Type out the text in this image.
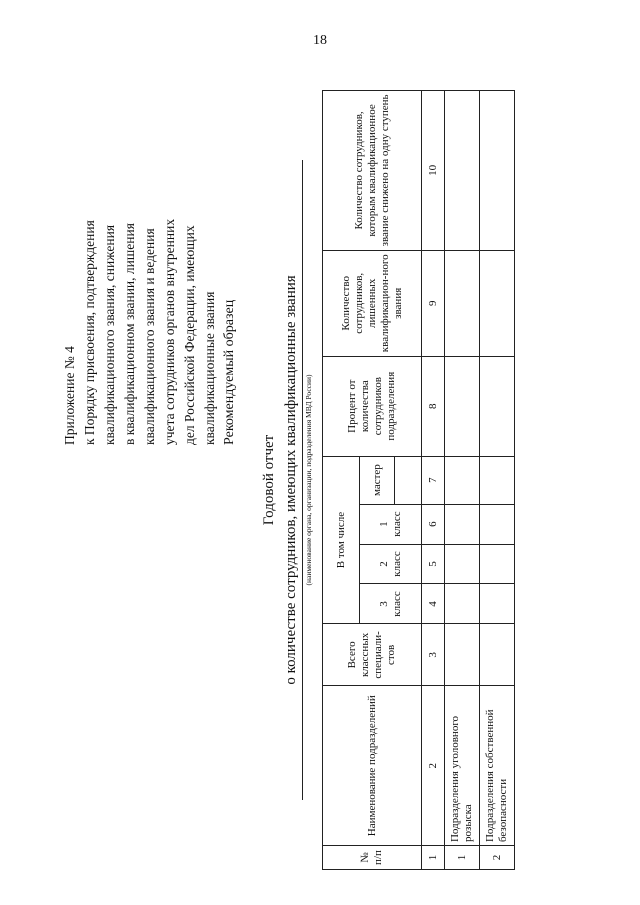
18
Приложение № 4 к Порядку присвоения, подтверждения квалификационного звания, снижения в квалификационном звании, лишения квалификационного звания и ведения учета сотрудников органов внутренних дел Российской Федерации, имеющих квалификационные звания Рекомендуемый образец
Годовой отчет о количестве сотрудников, имеющих квалификационные звания (наименование органа, организации, подразделения МВД России)
№ п/п	Наименование подразделений	Всего классных специали-стов	В том числе				Процент от количества сотрудников подразделения	Количество сотрудников, лишенных квалификацион-ного звания	Количество сотрудников, которым квалификационное звание снижено на одну ступень
			3 класс	2 класс	1 класс	мастер			

1	2	3	4	5	6	7	8	9	10
1	Подразделения уголовного розыска								
2	Подразделения собственной безопасности								
